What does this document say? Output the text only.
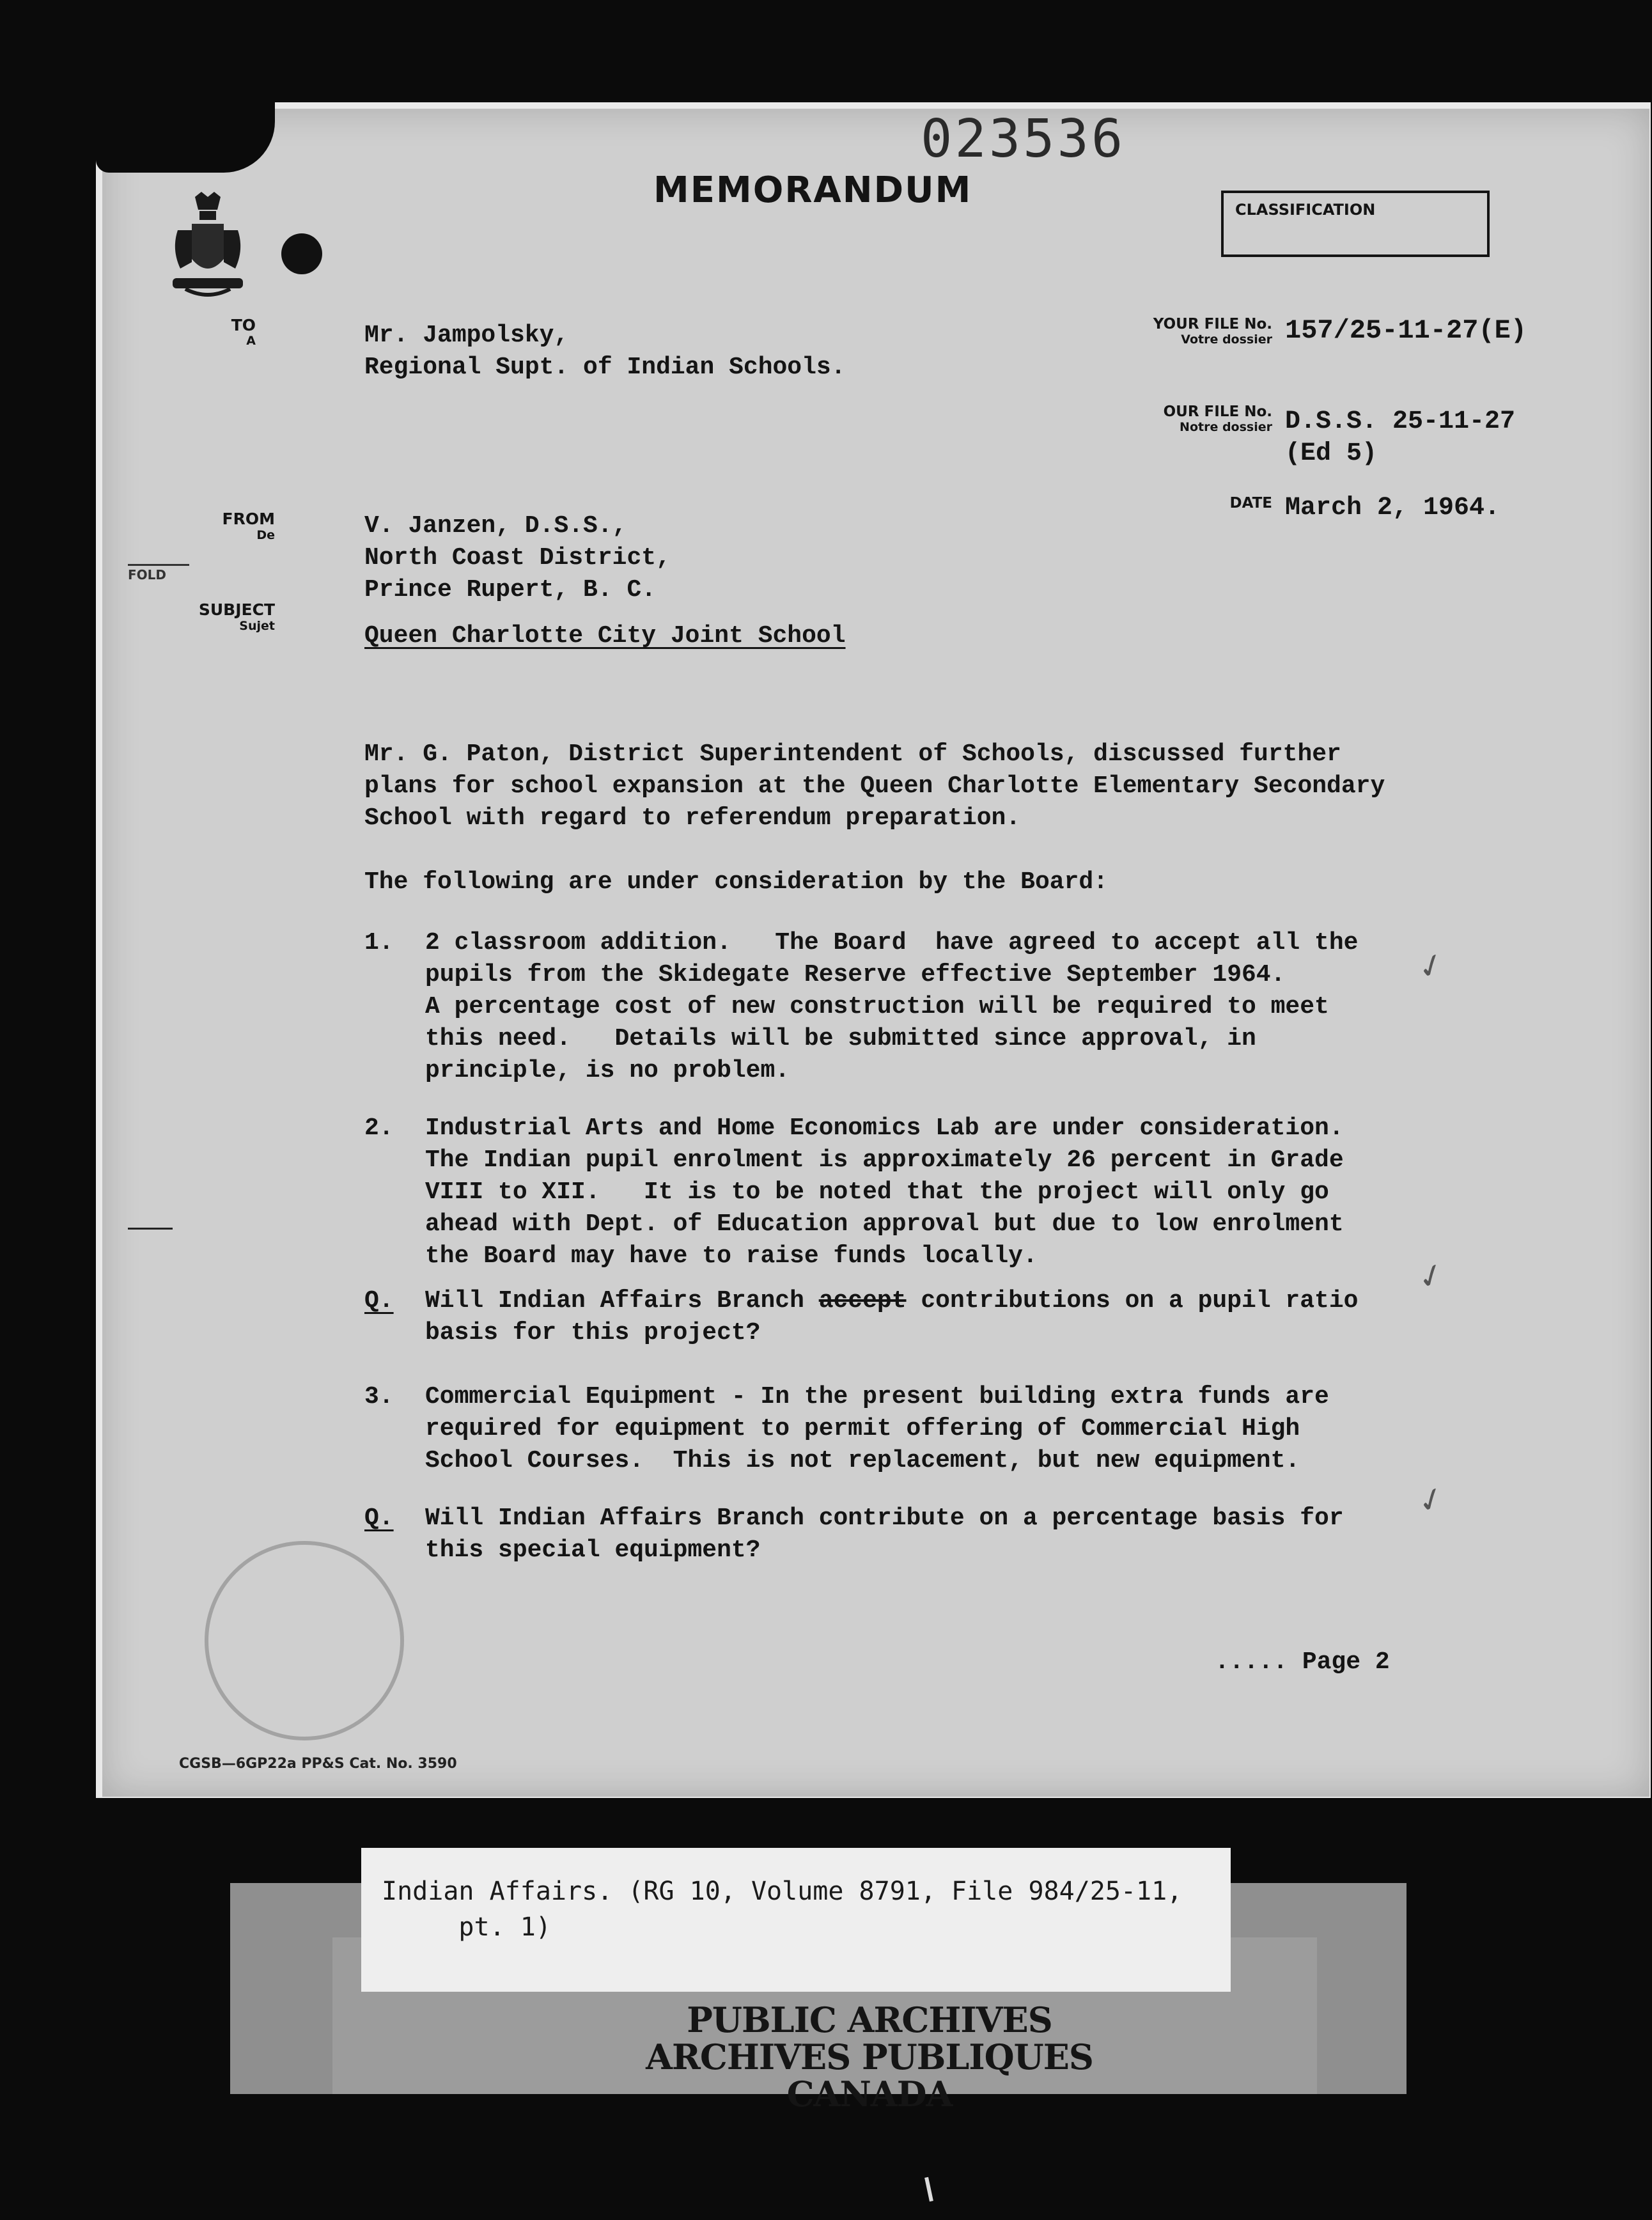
023536
MEMORANDUM	CLASSIFICATION
TO
A
FROM
De
FOLD
SUBJECT
Sujet
Mr. Jampolsky,
Regional Supt. of Indian Schools.
YOUR FILE No.
Votre dossier 157/25-11-27(E)
OUR FILE No.
Notre dossier D.S.S. 25-11-27
(Ed 5)
DATE March 2, 1964.
V. Janzen, D.S.S.,
North Coast District,
Prince Rupert, B. C.
Queen Charlotte City Joint School
Mr. G. Paton, District Superintendent of Schools, discussed further
plans for school expansion at the Queen Charlotte Elementary Secondary
School with regard to referendum preparation.
The following are under consideration by the Board:
1. 2 classroom addition.   The Board  have agreed to accept all the
pupils from the Skidegate Reserve effective September 1964.
A percentage cost of new construction will be required to meet
this need.   Details will be submitted since approval, in
principle, is no problem.
2. Industrial Arts and Home Economics Lab are under consideration.
The Indian pupil enrolment is approximately 26 percent in Grade
VIII to XII.   It is to be noted that the project will only go
ahead with Dept. of Education approval but due to low enrolment
the Board may have to raise funds locally.
Q. Will Indian Affairs Branch accept contributions on a pupil ratio
basis for this project?
3. Commercial Equipment - In the present building extra funds are
required for equipment to permit offering of Commercial High
School Courses.  This is not replacement, but new equipment.
Q. Will Indian Affairs Branch contribute on a percentage basis for
this special equipment?
✓
✓
✓
..... Page 2
CGSB—6GP22a PP&S Cat. No. 3590
Indian Affairs. (RG 10, Volume 8791, File 984/25-11,
pt. 1)
PUBLIC ARCHIVES
ARCHIVES PUBLIQUES
CANADA
